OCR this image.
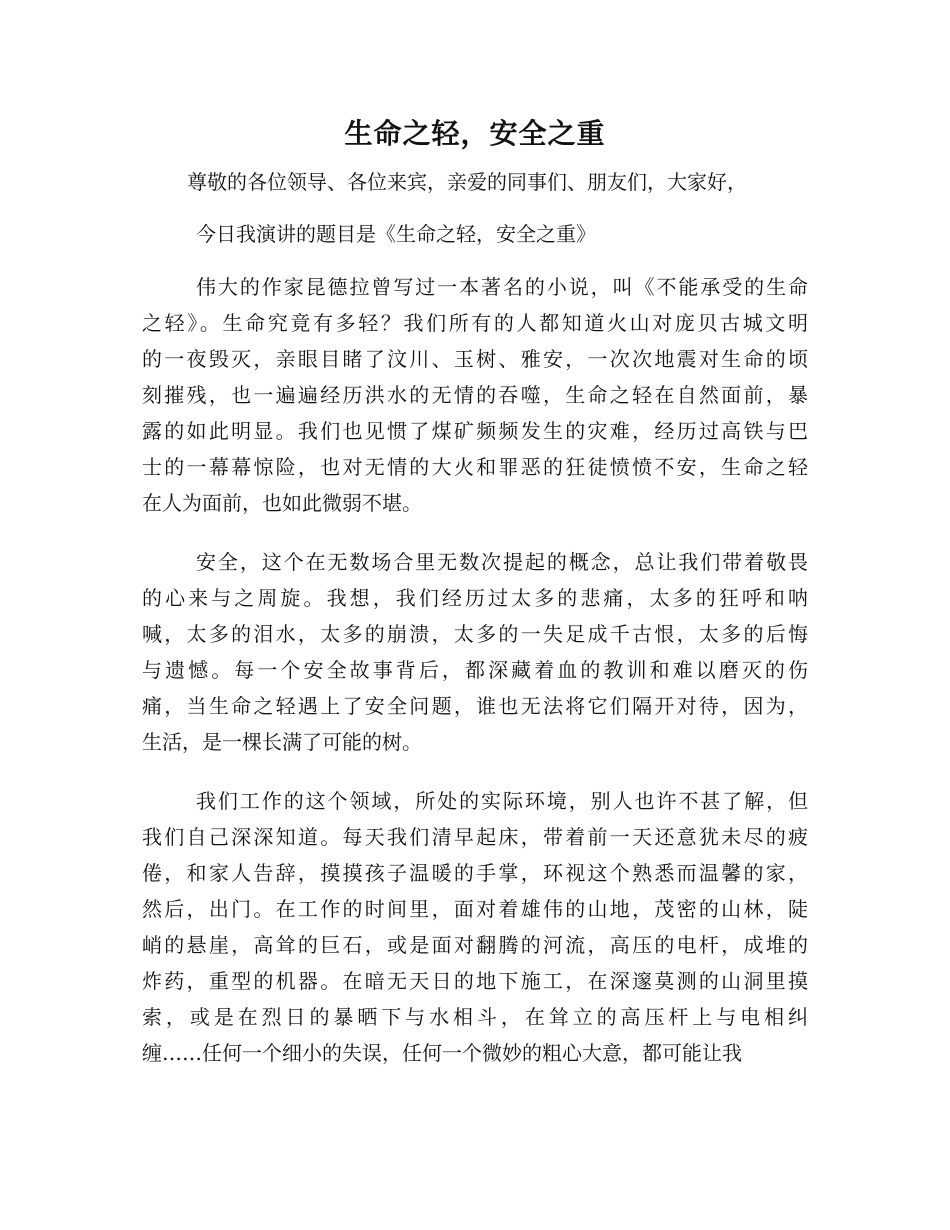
生命之轻，安全之重

尊敬的各位领导、各位来宾，亲爱的同事们、朋友们，大家好，

今日我演讲的题目是《生命之轻，安全之重》

伟大的作家昆德拉曾写过一本著名的小说，叫《不能承受的生命
之轻》。生命究竟有多轻？我们所有的人都知道火山对庞贝古城文明
的一夜毁灭，亲眼目睹了汶川、玉树、雅安，一次次地震对生命的顷
刻摧残，也一遍遍经历洪水的无情的吞噬，生命之轻在自然面前，暴
露的如此明显。我们也见惯了煤矿频频发生的灾难，经历过高铁与巴
士的一幕幕惊险，也对无情的大火和罪恶的狂徒愤愤不安，生命之轻
在人为面前，也如此微弱不堪。
安全，这个在无数场合里无数次提起的概念，总让我们带着敬畏
的心来与之周旋。我想，我们经历过太多的悲痛，太多的狂呼和呐
喊，太多的泪水，太多的崩溃，太多的一失足成千古恨，太多的后悔
与遗憾。每一个安全故事背后，都深藏着血的教训和难以磨灭的伤
痛，当生命之轻遇上了安全问题，谁也无法将它们隔开对待，因为，
生活，是一棵长满了可能的树。
我们工作的这个领域，所处的实际环境，别人也许不甚了解，但
我们自己深深知道。每天我们清早起床，带着前一天还意犹未尽的疲
倦，和家人告辞，摸摸孩子温暖的手掌，环视这个熟悉而温馨的家，
然后，出门。在工作的时间里，面对着雄伟的山地，茂密的山林，陡
峭的悬崖，高耸的巨石，或是面对翻腾的河流，高压的电杆，成堆的
炸药，重型的机器。在暗无天日的地下施工，在深邃莫测的山洞里摸
索，或是在烈日的暴晒下与水相斗，在耸立的高压杆上与电相纠
缠……任何一个细小的失误，任何一个微妙的粗心大意，都可能让我
